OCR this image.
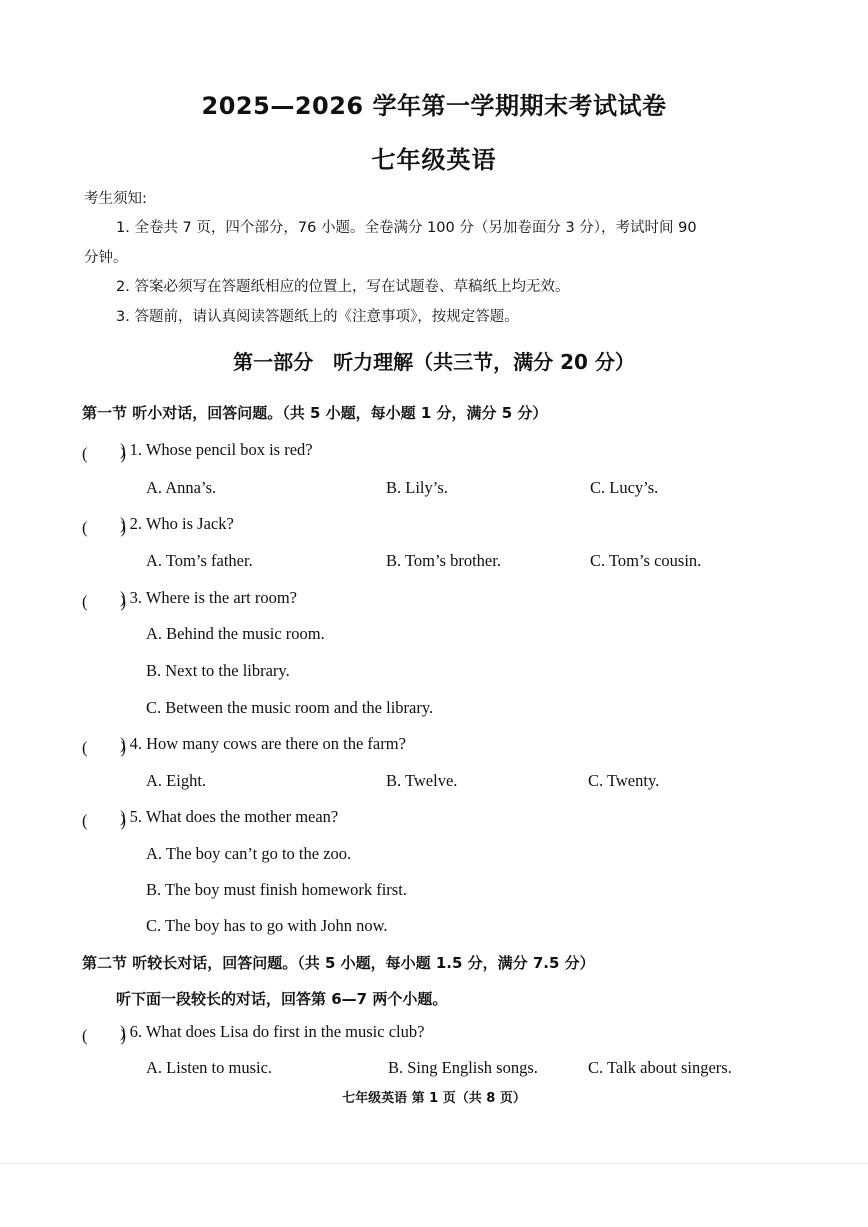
2025—2026 学年第一学期期末考试试卷
七年级英语
考生须知:
1. 全卷共 7 页，四个部分，76 小题。全卷满分 100 分（另加卷面分 3 分），考试时间 90
分钟。
2. 答案必须写在答题纸相应的位置上，写在试题卷、草稿纸上均无效。
3. 答题前，请认真阅读答题纸上的《注意事项》，按规定答题。
第一部分　听力理解（共三节，满分 20 分）
第一节 听小对话，回答问题。（共 5 小题，每小题 1 分，满分 5 分）
(　　)
) 1. Whose pencil box is red?
A. Anna’s.	B. Lily’s.	C. Lucy’s.
(　　)
) 2. Who is Jack?
A. Tom’s father.	B. Tom’s brother.	C. Tom’s cousin.
(　　)
) 3. Where is the art room?
A. Behind the music room.
B. Next to the library.
C. Between the music room and the library.
(　　)
) 4. How many cows are there on the farm?
A. Eight.	B. Twelve.	C. Twenty.
(　　)
) 5. What does the mother mean?
A. The boy can’t go to the zoo.
B. The boy must finish homework first.
C. The boy has to go with John now.
第二节 听较长对话，回答问题。（共 5 小题，每小题 1.5 分，满分 7.5 分）
听下面一段较长的对话，回答第 6—7 两个小题。
(　　)
) 6. What does Lisa do first in the music club?
A. Listen to music.	B. Sing English songs.	C. Talk about singers.
七年级英语 第 1 页（共 8 页）
